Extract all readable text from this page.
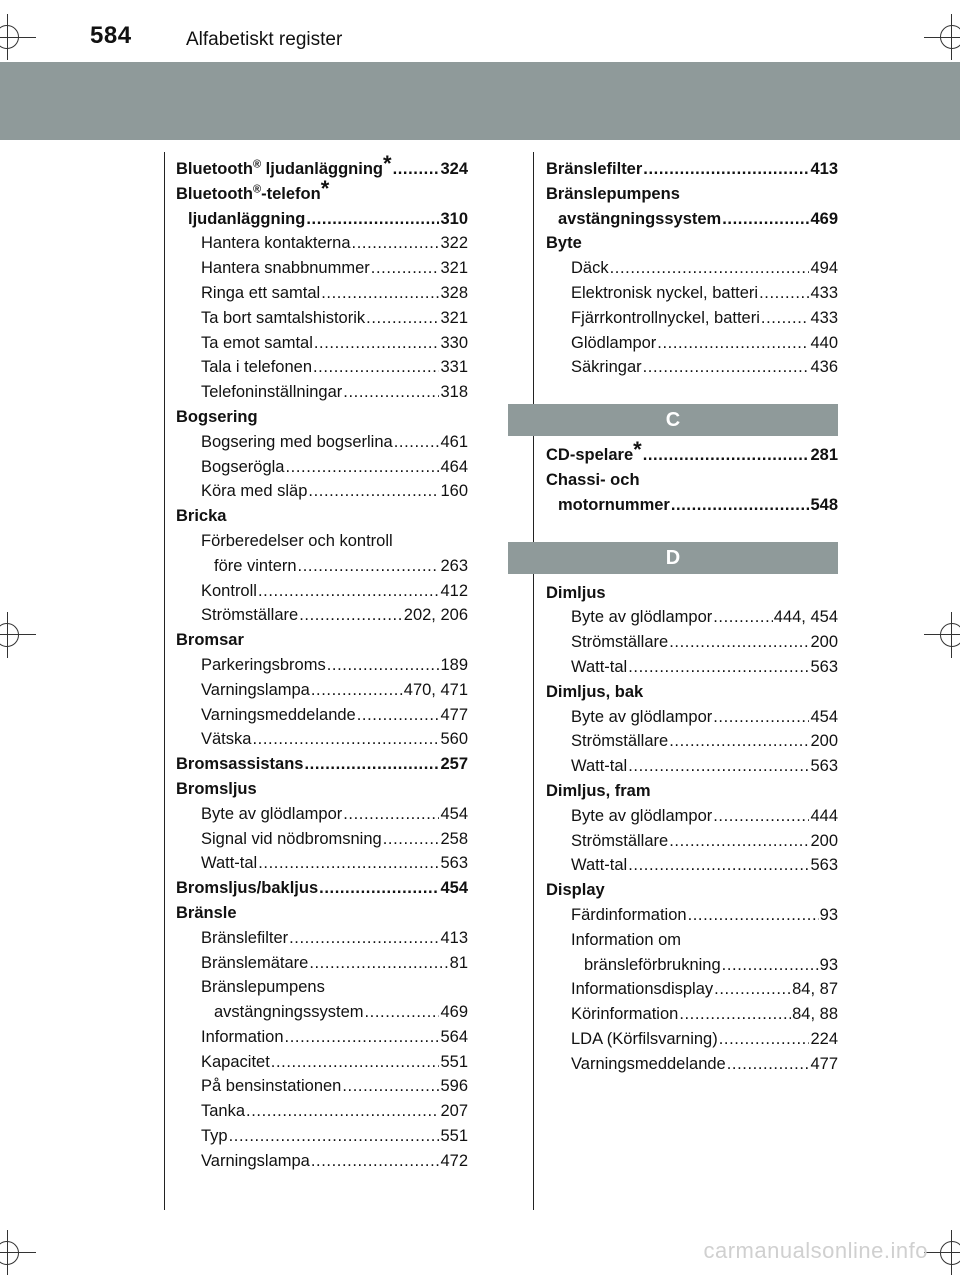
584	Alfabetiskt register
Bluetooth® ljudanläggning* .....	324
Bluetooth®-telefon*
ljudanläggning .....	310
Hantera kontakterna .....	322
Hantera snabbnummer .....	321
Ringa ett samtal .....	328
Ta bort samtalshistorik .....	321
Ta emot samtal .....	330
Tala i telefonen .....	331
Telefoninställningar .....	318
Bogsering
Bogsering med bogserlina .....	461
Bogserögla .....	464
Köra med släp .....	160
Bricka
Förberedelser och kontroll
före vintern .....	263
Kontroll .....	412
Strömställare .....	202, 206
Bromsar
Parkeringsbroms .....	189
Varningslampa .....	470, 471
Varningsmeddelande .....	477
Vätska .....	560
Bromsassistans .....	257
Bromsljus
Byte av glödlampor .....	454
Signal vid nödbromsning .....	258
Watt-tal .....	563
Bromsljus/bakljus .....	454
Bränsle
Bränslefilter .....	413
Bränslemätare .....	81
Bränslepumpens
avstängningssystem .....	469
Information .....	564
Kapacitet .....	551
På bensinstationen .....	596
Tanka .....	207
Typ .....	551
Varningslampa .....	472
Bränslefilter .....	413
Bränslepumpens
avstängningssystem .....	469
Byte
Däck .....	494
Elektronisk nyckel, batteri .....	433
Fjärrkontrollnyckel, batteri .....	433
Glödlampor .....	440
Säkringar .....	436
C
CD-spelare* .....	281
Chassi- och
motornummer .....	548
D
Dimljus
Byte av glödlampor .....	444, 454
Strömställare .....	200
Watt-tal .....	563
Dimljus, bak
Byte av glödlampor .....	454
Strömställare .....	200
Watt-tal .....	563
Dimljus, fram
Byte av glödlampor .....	444
Strömställare .....	200
Watt-tal .....	563
Display
Färdinformation .....	93
Information om
bränsleförbrukning .....	93
Informationsdisplay .....	84, 87
Körinformation .....	84, 88
LDA (Körfilsvarning) .....	224
Varningsmeddelande .....	477
carmanualsonline.info
